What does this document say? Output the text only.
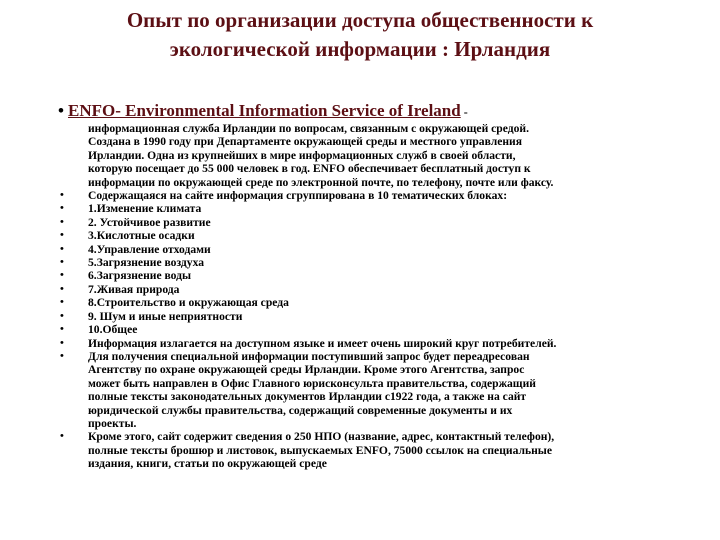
Опыт по организации доступа общественности к
экологической информации : Ирландия
• ENFO- Environmental Information Service of Ireland -
информационная служба Ирландии по вопросам, связанным с окружающей средой.
Создана в 1990 году при Департаменте окружающей среды и местного управления
Ирландии. Одна из крупнейших в мире информационных служб в своей области,
которую посещает до 55 000 человек в год. ENFO обеспечивает бесплатный доступ к
информации по окружающей среде по электронной почте, по телефону, почте или факсу.
• Содержащаяся на сайте информация сгруппирована в 10 тематических блоках:
• 1.Изменение климата
• 2. Устойчивое развитие
• 3.Кислотные осадки
• 4.Управление отходами
• 5.Загрязнение воздуха
• 6.Загрязнение воды
• 7.Живая природа
• 8.Строительство и окружающая среда
• 9. Шум и иные неприятности
• 10.Общее
• Информация излагается на доступном языке и имеет очень широкий круг потребителей.
• Для получения специальной информации поступивший запрос будет переадресован
Агентству по охране окружающей среды Ирландии. Кроме этого Агентства, запрос
может быть направлен в Офис Главного юрисконсульта правительства, содержащий
полные тексты законодательных документов Ирландии с1922 года, а также на сайт
юридической службы правительства, содержащий современные документы и их
проекты.
• Кроме этого, сайт содержит сведения о 250 НПО (название, адрес, контактный телефон),
полные тексты брошюр и листовок, выпускаемых ENFO, 75000 ссылок на специальные
издания, книги, статьи по окружающей среде
